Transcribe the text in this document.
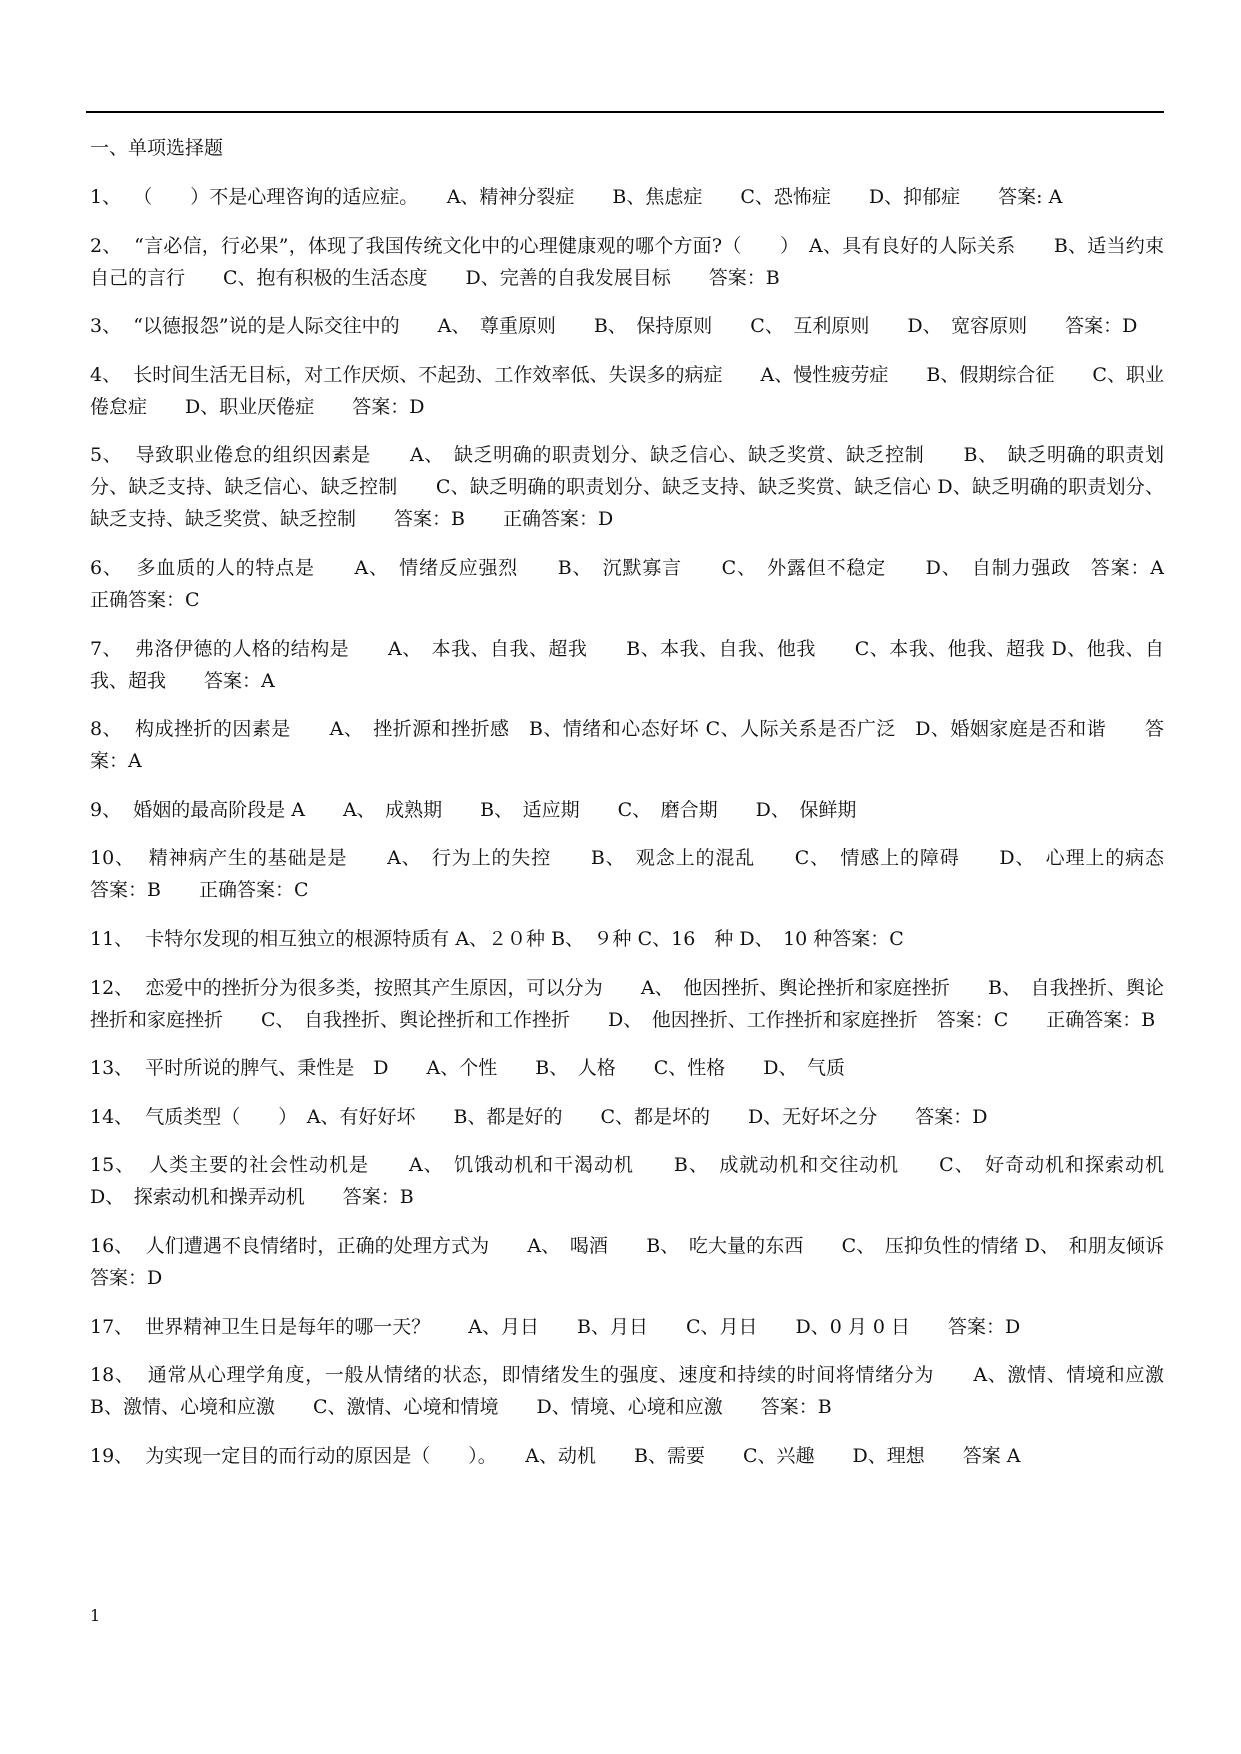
一、单项选择题
1、 （　　）不是心理咨询的适应症。　　A、精神分裂症　　B、焦虑症　　C、恐怖症　　D、抑郁症　　答案: A
2、 “言必信，行必果”，体现了我国传统文化中的心理健康观的哪个方面?（　　）　A、具有良好的人际关系　　B、适当约束自己的言行　　C、抱有积极的生活态度　　D、完善的自我发展目标　　答案：B
3、 “以德报怨”说的是人际交往中的　　A、　尊重原则　　B、　保持原则　　C、　互利原则　　D、　宽容原则　　答案：D
4、 长时间生活无目标，对工作厌烦、不起劲、工作效率低、失误多的病症　　A、慢性疲劳症　　B、假期综合征　　C、职业倦怠症　　D、职业厌倦症　　答案：D
5、 导致职业倦怠的组织因素是　　A、　缺乏明确的职责划分、缺乏信心、缺乏奖赏、缺乏控制　　B、　缺乏明确的职责划分、缺乏支持、缺乏信心、缺乏控制　　C、缺乏明确的职责划分、缺乏支持、缺乏奖赏、缺乏信心 D、缺乏明确的职责划分、缺乏支持、缺乏奖赏、缺乏控制　　答案：B　　正确答案：D
6、 多血质的人的特点是　　A、　情绪反应强烈　　B、　沉默寡言　　C、　外露但不稳定　　D、　自制力强政　答案：A　　正确答案：C
7、 弗洛伊德的人格的结构是　　A、　本我、自我、超我　　B、本我、自我、他我　　C、本我、他我、超我 D、他我、自我、超我　　答案：A
8、 构成挫折的因素是　　A、　挫折源和挫折感　B、情绪和心态好坏 C、人际关系是否广泛　D、婚姻家庭是否和谐　　答案：A
9、 婚姻的最高阶段是 A　　A、　成熟期　　B、　适应期　　C、　磨合期　　D、　保鲜期
10、 精神病产生的基础是是　　A、　行为上的失控　　B、　观念上的混乱　　C、　情感上的障碍　　D、　心理上的病态　　答案：B　　正确答案：C
11、 卡特尔发现的相互独立的根源特质有 A、２０种 B、　９种 C、16　种 D、　10 种答案：C
12、 恋爱中的挫折分为很多类，按照其产生原因，可以分为　　A、　他因挫折、舆论挫折和家庭挫折　　B、　自我挫折、舆论挫折和家庭挫折　　C、　自我挫折、舆论挫折和工作挫折　　D、　他因挫折、工作挫折和家庭挫折　答案：C　　正确答案：B
13、 平时所说的脾气、秉性是　D　　A、个性　　B、　人格　　C、性格　　D、　气质
14、 气质类型（　　）　A、有好好坏　　B、都是好的　　C、都是坏的　　D、无好坏之分　　答案：D
15、 人类主要的社会性动机是　　A、　饥饿动机和干渴动机　　B、　成就动机和交往动机　　C、　好奇动机和探索动机　　D、　探索动机和操弄动机　　答案：B
16、 人们遭遇不良情绪时，正确的处理方式为　　A、　喝酒　　B、　吃大量的东西　　C、　压抑负性的情绪 D、　和朋友倾诉　　答案：D
17、 世界精神卫生日是每年的哪一天？　　A、月日　　B、月日　　C、月日　　D、0 月 0 日　　答案：D
18、 通常从心理学角度，一般从情绪的状态，即情绪发生的强度、速度和持续的时间将情绪分为　　A、激情、情境和应激　　B、激情、心境和应激　　C、激情、心境和情境　　D、情境、心境和应激　　答案：B
19、 为实现一定目的而行动的原因是（　　）。　　A、动机　　B、需要　　C、兴趣　　D、理想　　答案 A
1
